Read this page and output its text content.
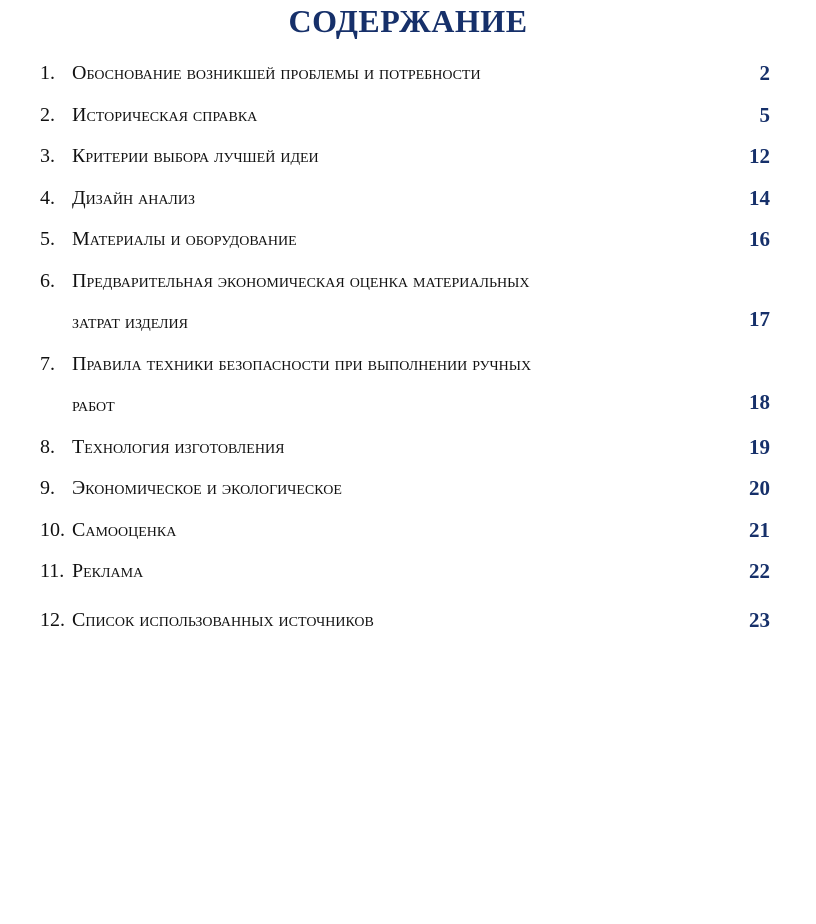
СОДЕРЖАНИЕ
1. Обоснование возникшей проблемы и потребности	2
2. Историческая справка	5
3. Критерии выбора лучшей идеи	12
4. Дизайн анализ	14
5. Материалы и оборудование	16
6. Предварительная экономическая оценка материальных
затрат изделия	17
7. Правила техники безопасности при выполнении ручных
работ	18
8. Технология изготовления	19
9. Экономическое и экологическое	20
10. Самооценка	21
11. Реклама	22
12. Список использованных источников	23
